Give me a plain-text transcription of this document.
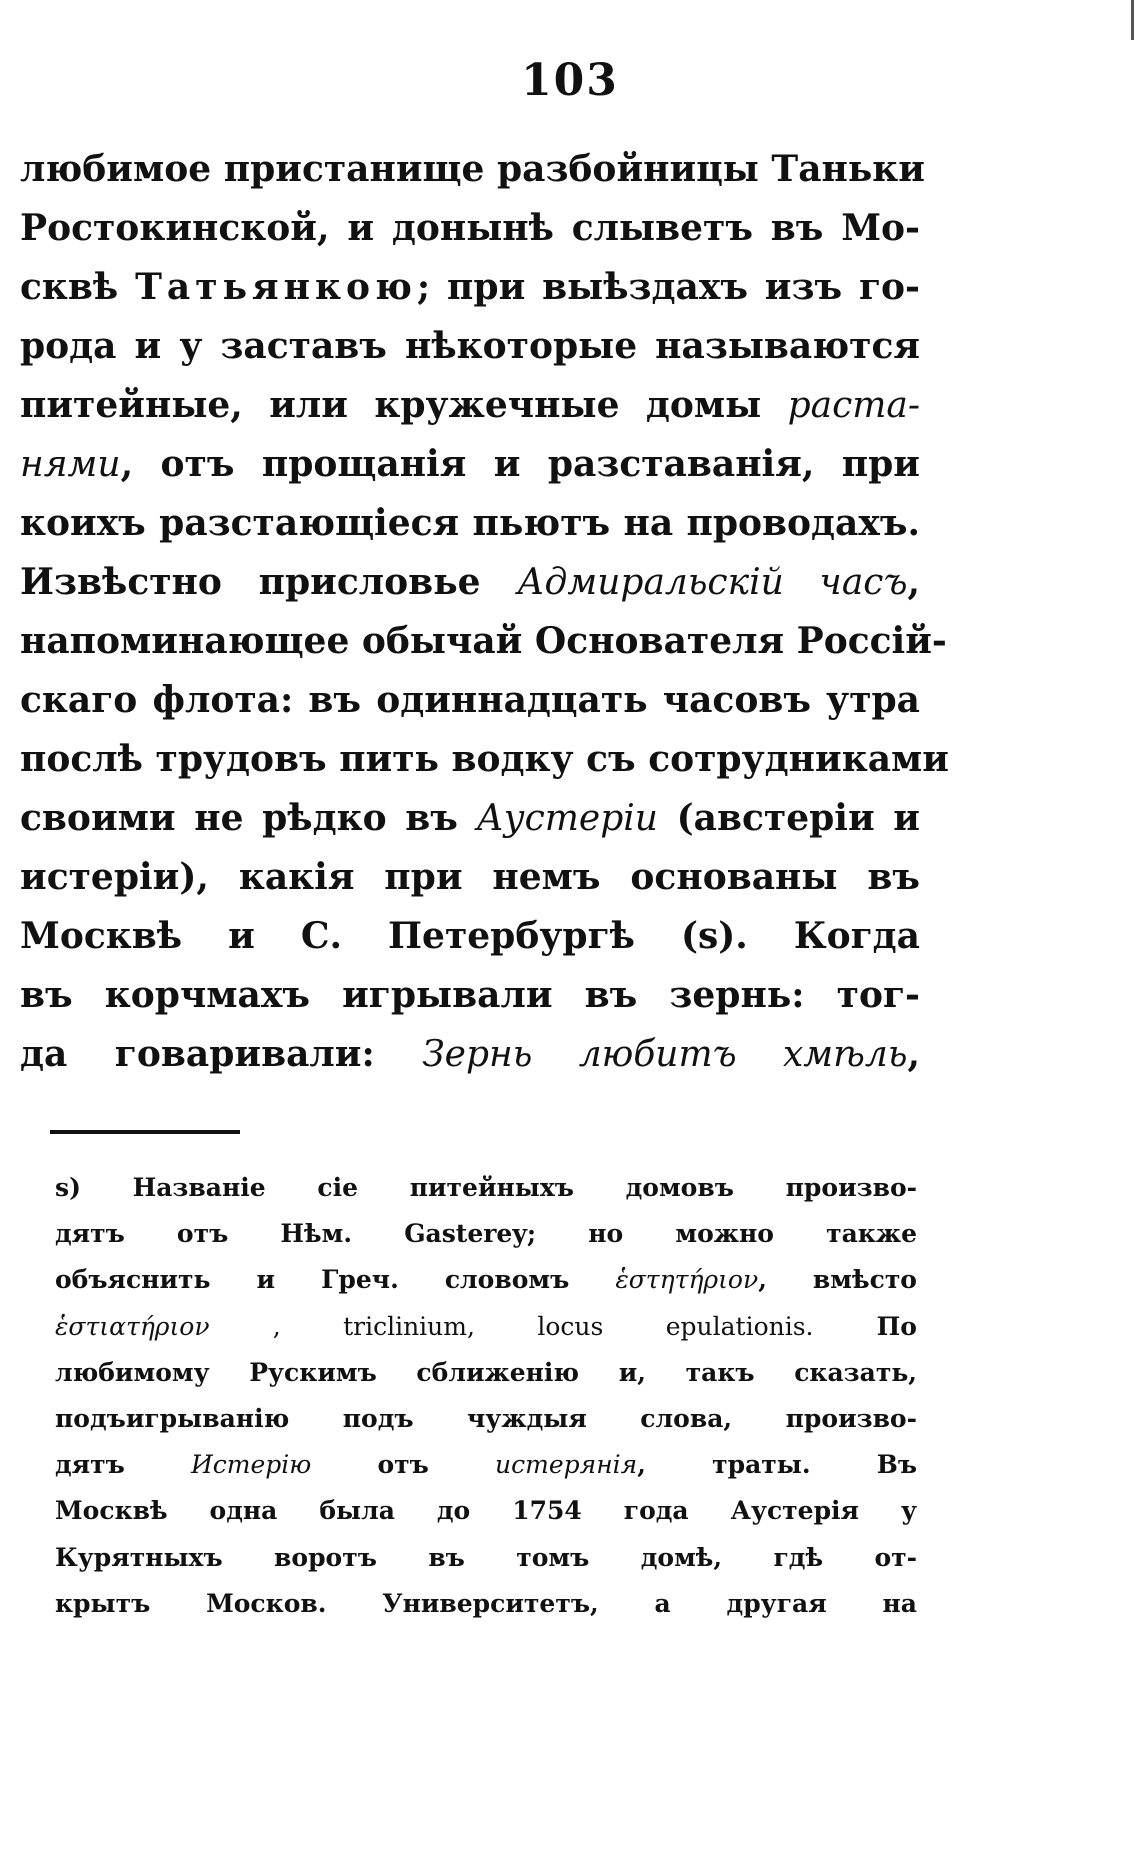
103
любимое пристанище разбойницы Таньки
Ростокинской, и донынѣ слыветъ въ Мо-
сквѣ Татьянкою; при выѣздахъ изъ го-
рода и у заставъ нѣкоторые называются
питейные, или кружечные домы раста-
нями, отъ прощанія и разставанія, при
коихъ разстающіеся пьютъ на проводахъ.
Извѣстно присловье Адмиральскій часъ,
напоминающее обычай Основателя Россій-
скаго флота: въ одиннадцать часовъ утра
послѣ трудовъ пить водку съ сотрудниками
своими не рѣдко въ Аустеріи (австеріи и
истеріи), какія при немъ основаны въ
Москвѣ и С. Петербургѣ (s). Когда
въ корчмахъ игрывали въ зернь: тог-
да говаривали: Зернь любитъ хмѣль,
s) Названіе сіе питейныхъ домовъ произво-
дятъ отъ Нѣм. Gasterey; но можно также
объяснить и Греч. словомъ ἑστητήριον, вмѣсто
ἑστιατήριον	, triclinium, locus epulationis.	По
любимому Рускимъ сближенію и, такъ сказать,
подъигрыванію подъ чуждыя слова, произво-
дятъ	Истерію	отъ	истерянія, траты. Въ
Москвѣ одна была до 1754 года Аустерія у
Курятныхъ воротъ въ томъ домѣ, гдѣ от-
крытъ Москов. Университетъ, а другая на
